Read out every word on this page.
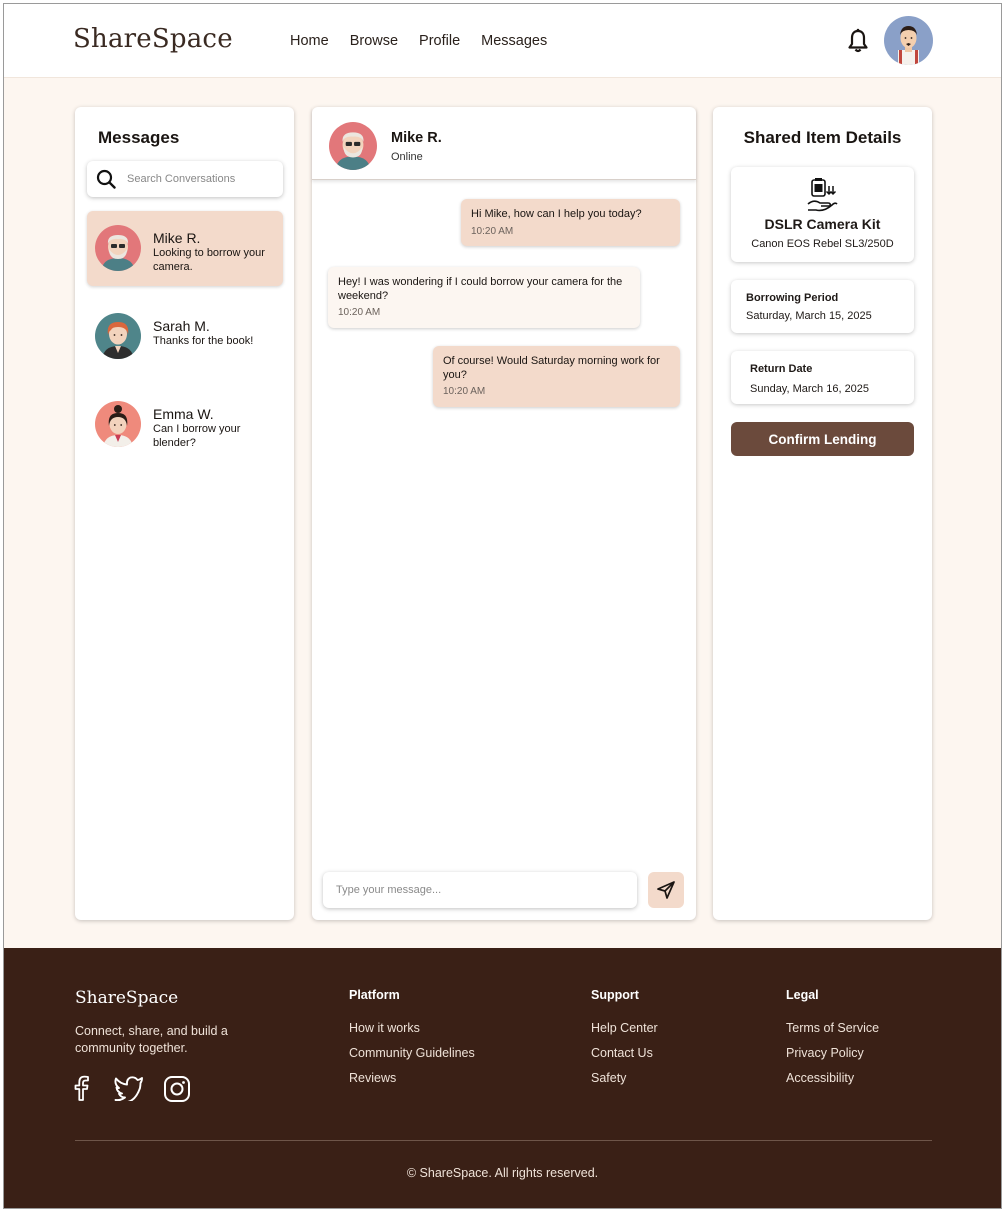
ShareSpace	Home Browse Profile Messages
Messages
Search Conversations
Mike R.
Looking to borrow your camera.
Sarah M.
Thanks for the book!
Emma W.
Can I borrow your blender?
Mike R.
Online
Hi Mike, how can I help you today?
10:20 AM
Hey! I was wondering if I could borrow your camera for the weekend?
10:20 AM
Of course! Would Saturday morning work for you?
10:20 AM
Type your message...
Shared Item Details
DSLR Camera Kit
Canon EOS Rebel SL3/250D
Borrowing Period
Saturday, March 15, 2025
Return Date
Sunday, March 16, 2025
Confirm Lending
ShareSpace
Connect, share, and build a community together.
Platform
How it works
Community Guidelines
Reviews
Support
Help Center
Contact Us
Safety
Legal
Terms of Service
Privacy Policy
Accessibility
© ShareSpace. All rights reserved.
